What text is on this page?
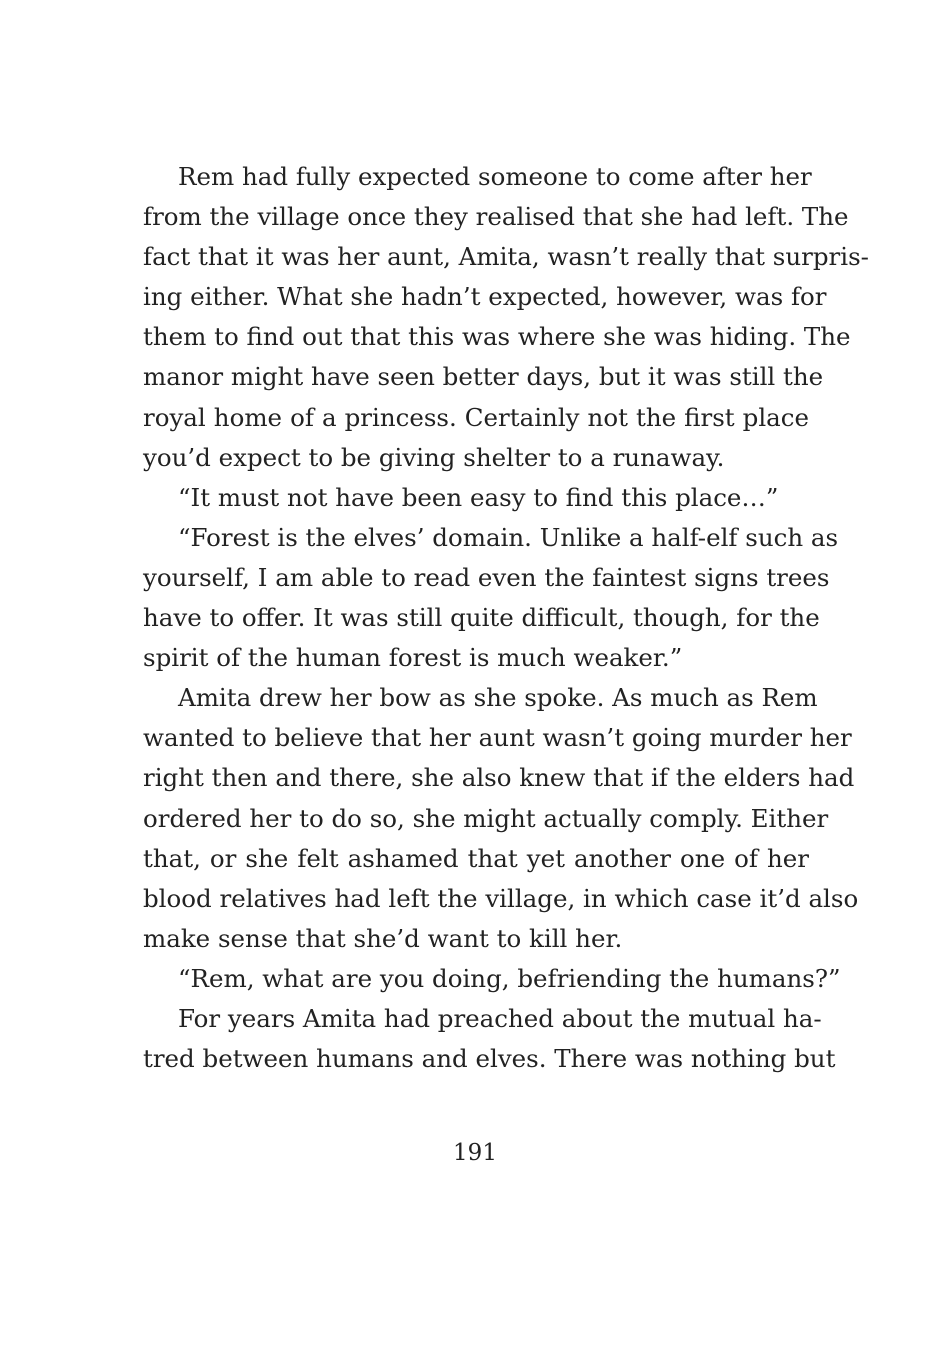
Rem had fully expected someone to come after her
from the village once they realised that she had left. The
fact that it was her aunt, Amita, wasn’t really that surpris-
ing either. What she hadn’t expected, however, was for
them to find out that this was where she was hiding. The
manor might have seen better days, but it was still the
royal home of a princess. Certainly not the first place
you’d expect to be giving shelter to a runaway.
“It must not have been easy to find this place…”
“Forest is the elves’ domain. Unlike a half-elf such as
yourself, I am able to read even the faintest signs trees
have to offer. It was still quite difficult, though, for the
spirit of the human forest is much weaker.”
Amita drew her bow as she spoke. As much as Rem
wanted to believe that her aunt wasn’t going murder her
right then and there, she also knew that if the elders had
ordered her to do so, she might actually comply. Either
that, or she felt ashamed that yet another one of her
blood relatives had left the village, in which case it’d also
make sense that she’d want to kill her.
“Rem, what are you doing, befriending the humans?”
For years Amita had preached about the mutual ha-
tred between humans and elves. There was nothing but
191
